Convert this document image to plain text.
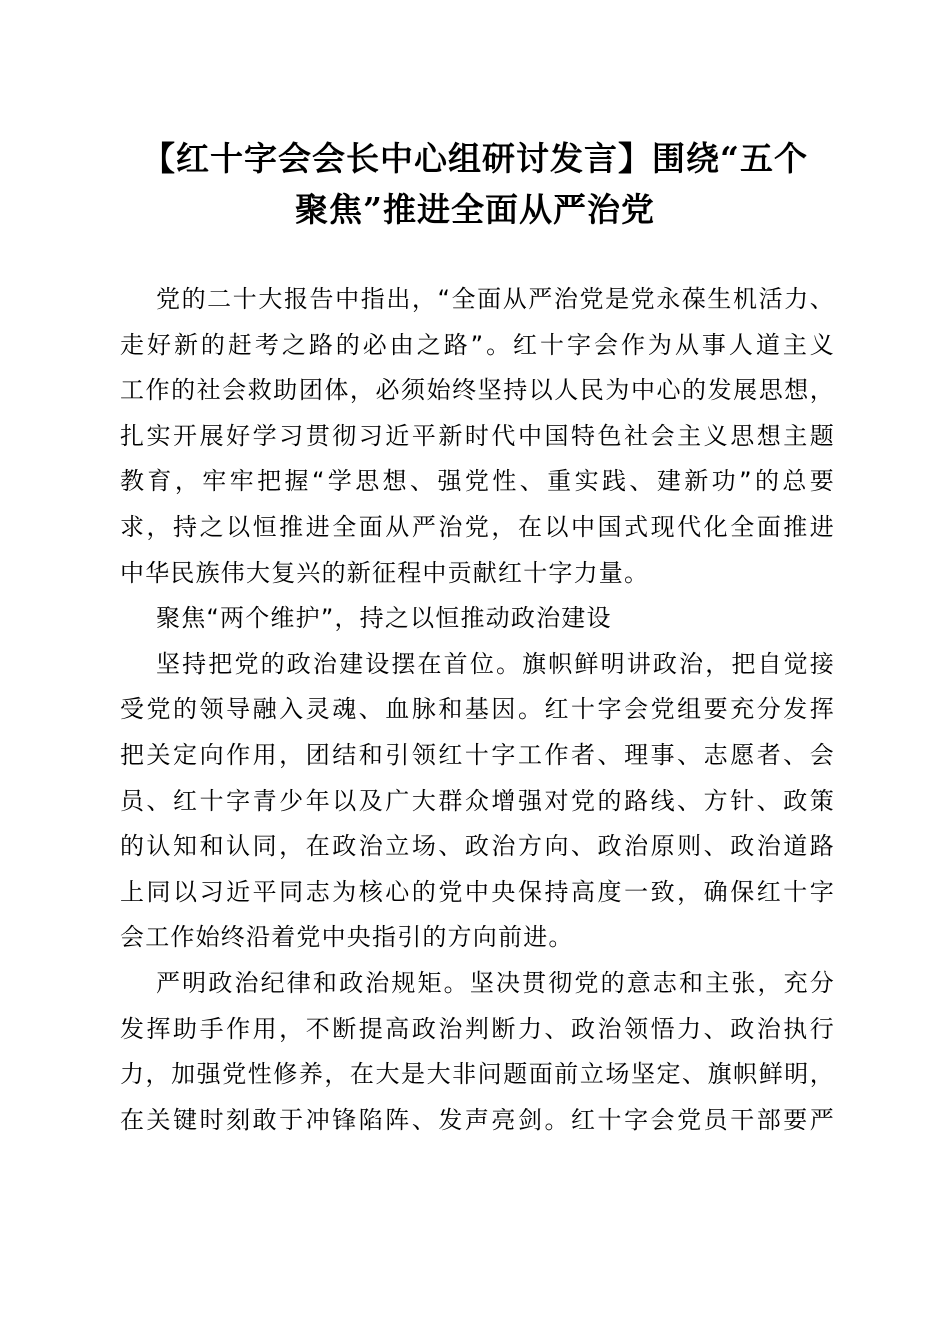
【红十字会会长中心组研讨发言】围绕“五个
聚焦”推进全面从严治党
党的二十大报告中指出，“全面从严治党是党永葆生机活力、
走好新的赶考之路的必由之路”。红十字会作为从事人道主义
工作的社会救助团体，必须始终坚持以人民为中心的发展思想，
扎实开展好学习贯彻习近平新时代中国特色社会主义思想主题
教育，牢牢把握“学思想、强党性、重实践、建新功”的总要
求，持之以恒推进全面从严治党，在以中国式现代化全面推进
中华民族伟大复兴的新征程中贡献红十字力量。
聚焦“两个维护”，持之以恒推动政治建设
坚持把党的政治建设摆在首位。旗帜鲜明讲政治，把自觉接
受党的领导融入灵魂、血脉和基因。红十字会党组要充分发挥
把关定向作用，团结和引领红十字工作者、理事、志愿者、会
员、红十字青少年以及广大群众增强对党的路线、方针、政策
的认知和认同，在政治立场、政治方向、政治原则、政治道路
上同以习近平同志为核心的党中央保持高度一致，确保红十字
会工作始终沿着党中央指引的方向前进。
严明政治纪律和政治规矩。坚决贯彻党的意志和主张，充分
发挥助手作用，不断提高政治判断力、政治领悟力、政治执行
力，加强党性修养，在大是大非问题面前立场坚定、旗帜鲜明，
在关键时刻敢于冲锋陷阵、发声亮剑。红十字会党员干部要严
